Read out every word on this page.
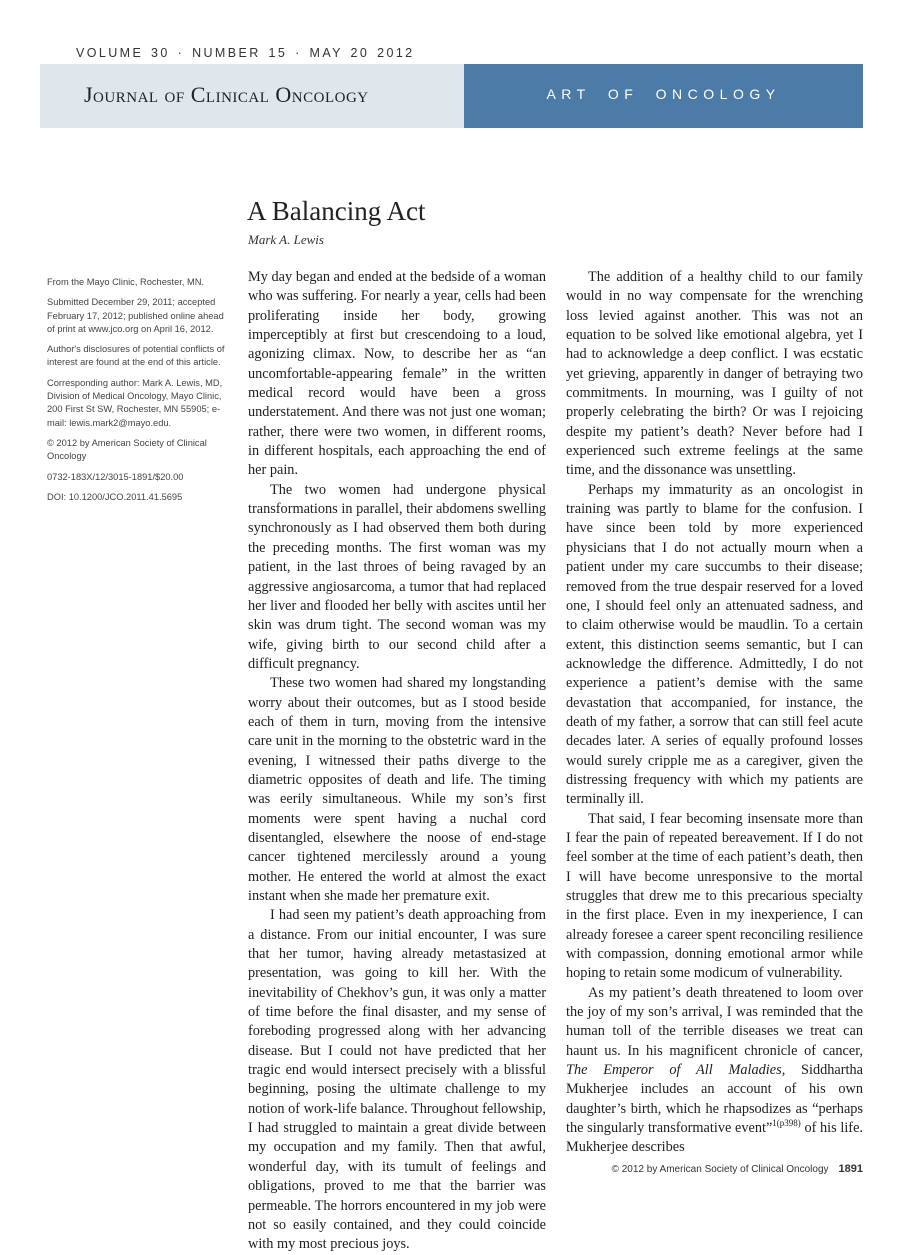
VOLUME 30 · NUMBER 15 · MAY 20 2012
Journal of Clinical Oncology	ART OF ONCOLOGY
A Balancing Act
Mark A. Lewis

From the Mayo Clinic, Rochester, MN.

Submitted December 29, 2011; accepted February 17, 2012; published online ahead of print at www.jco.org on April 16, 2012.

Author's disclosures of potential conflicts of interest are found at the end of this article.

Corresponding author: Mark A. Lewis, MD, Division of Medical Oncology, Mayo Clinic, 200 First St SW, Rochester, MN 55905; e-mail: lewis.mark2@mayo.edu.

© 2012 by American Society of Clinical Oncology

0732-183X/12/3015-1891/$20.00

DOI: 10.1200/JCO.2011.41.5695

My day began and ended at the bedside of a woman who was suffering. For nearly a year, cells had been proliferating inside her body, growing imperceptibly at first but crescendoing to a loud, agonizing climax. Now, to describe her as “an uncomfortable-appearing female” in the written medical record would have been a gross understatement. And there was not just one woman; rather, there were two women, in different rooms, in different hospitals, each approaching the end of her pain.

The two women had undergone physical transformations in parallel, their abdomens swelling synchronously as I had observed them both during the preceding months. The first woman was my patient, in the last throes of being ravaged by an aggressive angiosarcoma, a tumor that had replaced her liver and flooded her belly with ascites until her skin was drum tight. The second woman was my wife, giving birth to our second child after a difficult pregnancy.

These two women had shared my longstanding worry about their outcomes, but as I stood beside each of them in turn, moving from the intensive care unit in the morning to the obstetric ward in the evening, I witnessed their paths diverge to the diametric opposites of death and life. The timing was eerily simultaneous. While my son’s first moments were spent having a nuchal cord disentangled, elsewhere the noose of end-stage cancer tightened mercilessly around a young mother. He entered the world at almost the exact instant when she made her premature exit.

I had seen my patient’s death approaching from a distance. From our initial encounter, I was sure that her tumor, having already metastasized at presentation, was going to kill her. With the inevitability of Chekhov’s gun, it was only a matter of time before the final disaster, and my sense of foreboding progressed along with her advancing disease. But I could not have predicted that her tragic end would intersect precisely with a blissful beginning, posing the ultimate challenge to my notion of work-life balance. Throughout fellowship, I had struggled to maintain a great divide between my occupation and my family. Then that awful, wonderful day, with its tumult of feelings and obligations, proved to me that the barrier was permeable. The horrors encountered in my job were not so easily contained, and they could coincide with my most precious joys.

The addition of a healthy child to our family would in no way compensate for the wrenching loss levied against another. This was not an equation to be solved like emotional algebra, yet I had to acknowledge a deep conflict. I was ecstatic yet grieving, apparently in danger of betraying two commitments. In mourning, was I guilty of not properly celebrating the birth? Or was I rejoicing despite my patient’s death? Never before had I experienced such extreme feelings at the same time, and the dissonance was unsettling.

Perhaps my immaturity as an oncologist in training was partly to blame for the confusion. I have since been told by more experienced physicians that I do not actually mourn when a patient under my care succumbs to their disease; removed from the true despair reserved for a loved one, I should feel only an attenuated sadness, and to claim otherwise would be maudlin. To a certain extent, this distinction seems semantic, but I can acknowledge the difference. Admittedly, I do not experience a patient’s demise with the same devastation that accompanied, for instance, the death of my father, a sorrow that can still feel acute decades later. A series of equally profound losses would surely cripple me as a caregiver, given the distressing frequency with which my patients are terminally ill.

That said, I fear becoming insensate more than I fear the pain of repeated bereavement. If I do not feel somber at the time of each patient’s death, then I will have become unresponsive to the mortal struggles that drew me to this precarious specialty in the first place. Even in my inexperience, I can already foresee a career spent reconciling resilience with compassion, donning emotional armor while hoping to retain some modicum of vulnerability.

As my patient’s death threatened to loom over the joy of my son’s arrival, I was reminded that the human toll of the terrible diseases we treat can haunt us. In his magnificent chronicle of cancer, The Emperor of All Maladies, Siddhartha Mukherjee includes an account of his own daughter’s birth, which he rhapsodizes as “perhaps the singularly transformative event”$^{1(p398)}$ of his life. Mukherjee describes

© 2012 by American Society of Clinical Oncology 1891
